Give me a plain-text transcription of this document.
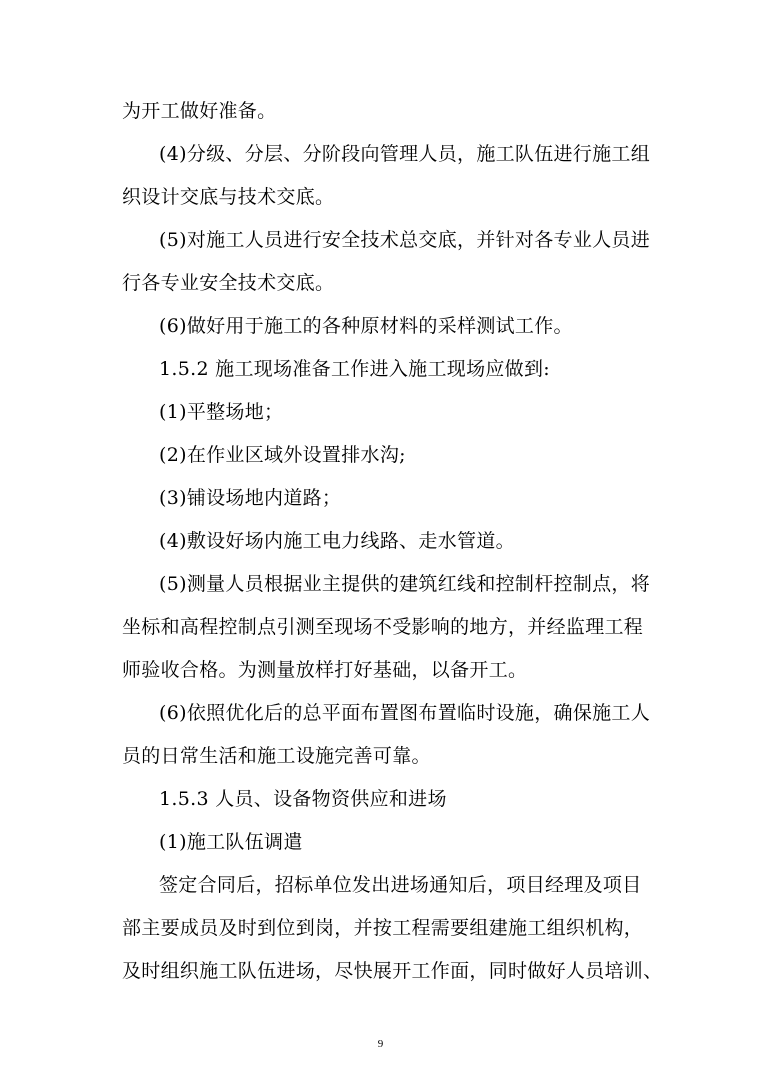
为开工做好准备。
(4)分级、分层、分阶段向管理人员，施工队伍进行施工组
织设计交底与技术交底。
(5)对施工人员进行安全技术总交底，并针对各专业人员进
行各专业安全技术交底。
(6)做好用于施工的各种原材料的采样测试工作。
1.5.2 施工现场准备工作进入施工现场应做到:
(1)平整场地；
(2)在作业区域外设置排水沟;
(3)铺设场地内道路；
(4)敷设好场内施工电力线路、走水管道。
(5)测量人员根据业主提供的建筑红线和控制杆控制点，将
坐标和高程控制点引测至现场不受影响的地方，并经监理工程
师验收合格。为测量放样打好基础，以备开工。
(6)依照优化后的总平面布置图布置临时设施，确保施工人
员的日常生活和施工设施完善可靠。
1.5.3 人员、设备物资供应和进场
(1)施工队伍调遣
签定合同后，招标单位发出进场通知后，项目经理及项目
部主要成员及时到位到岗，并按工程需要组建施工组织机构，
及时组织施工队伍进场，尽快展开工作面，同时做好人员培训、
9
